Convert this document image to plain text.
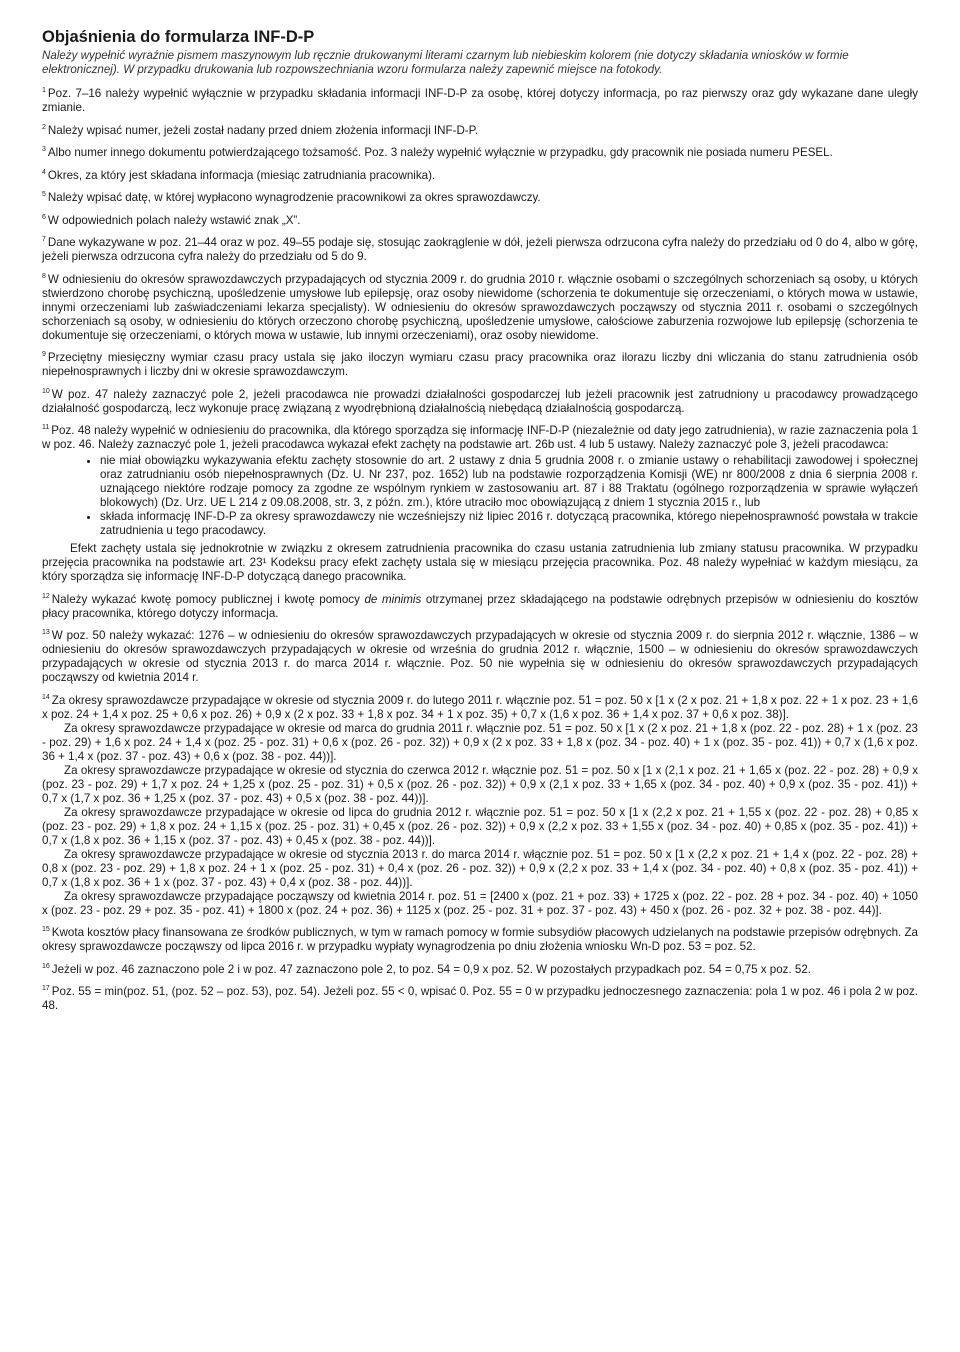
Objaśnienia do formularza INF-D-P
Należy wypełnić wyraźnie pismem maszynowym lub ręcznie drukowanymi literami czarnym lub niebieskim kolorem (nie dotyczy składania wniosków w formie elektronicznej). W przypadku drukowania lub rozpowszechniania wzoru formularza należy zapewnić miejsce na fotokody.

$^1$ Poz. 7–16 należy wypełnić wyłącznie w przypadku składania informacji INF-D-P za osobę, której dotyczy informacja, po raz pierwszy oraz gdy wykazane dane uległy zmianie.

$^2$ Należy wpisać numer, jeżeli został nadany przed dniem złożenia informacji INF-D-P.

$^3$ Albo numer innego dokumentu potwierdzającego tożsamość. Poz. 3 należy wypełnić wyłącznie w przypadku, gdy pracownik nie posiada numeru PESEL.

$^4$ Okres, za który jest składana informacja (miesiąc zatrudniania pracownika).

$^5$ Należy wpisać datę, w której wypłacono wynagrodzenie pracownikowi za okres sprawozdawczy.

$^6$ W odpowiednich polach należy wstawić znak „X”.

$^7$ Dane wykazywane w poz. 21–44 oraz w poz. 49–55 podaje się, stosując zaokrąglenie w dół, jeżeli pierwsza odrzucona cyfra należy do przedziału od 0 do 4, albo w górę, jeżeli pierwsza odrzucona cyfra należy do przedziału od 5 do 9.

$^8$ W odniesieniu do okresów sprawozdawczych przypadających od stycznia 2009 r. do grudnia 2010 r. włącznie osobami o szczególnych schorzeniach są osoby, u których stwierdzono chorobę psychiczną, upośledzenie umysłowe lub epilepsję, oraz osoby niewidome (schorzenia te dokumentuje się orzeczeniami, o których mowa w ustawie, innymi orzeczeniami lub zaświadczeniami lekarza specjalisty). W odniesieniu do okresów sprawozdawczych począwszy od stycznia 2011 r. osobami o szczególnych schorzeniach są osoby, w odniesieniu do których orzeczono chorobę psychiczną, upośledzenie umysłowe, całościowe zaburzenia rozwojowe lub epilepsję (schorzenia te dokumentuje się orzeczeniami, o których mowa w ustawie, lub innymi orzeczeniami), oraz osoby niewidome.

$^9$ Przeciętny miesięczny wymiar czasu pracy ustala się jako iloczyn wymiaru czasu pracy pracownika oraz ilorazu liczby dni wliczania do stanu zatrudnienia osób niepełnosprawnych i liczby dni w okresie sprawozdawczym.

$^{10}$ W poz. 47 należy zaznaczyć pole 2, jeżeli pracodawca nie prowadzi działalności gospodarczej lub jeżeli pracownik jest zatrudniony u pracodawcy prowadzącego działalność gospodarczą, lecz wykonuje pracę związaną z wyodrębnioną działalnością niebędącą działalnością gospodarczą.

$^{11}$ Poz. 48 należy wypełnić w odniesieniu do pracownika, dla którego sporządza się informację INF-D-P (niezależnie od daty jego zatrudnienia), w razie zaznaczenia pola 1 w poz. 46. Należy zaznaczyć pole 1, jeżeli pracodawca wykazał efekt zachęty na podstawie art. 26b ust. 4 lub 5 ustawy. Należy zaznaczyć pole 3, jeżeli pracodawca:

• nie miał obowiązku wykazywania efektu zachęty stosownie do art. 2 ustawy z dnia 5 grudnia 2008 r. o zmianie ustawy o rehabilitacji zawodowej i społecznej oraz zatrudnianiu osób niepełnosprawnych (Dz. U. Nr 237, poz. 1652) lub na podstawie rozporządzenia Komisji (WE) nr 800/2008 z dnia 6 sierpnia 2008 r. uznającego niektóre rodzaje pomocy za zgodne ze wspólnym rynkiem w zastosowaniu art. 87 i 88 Traktatu (ogólnego rozporządzenia w sprawie wyłączeń blokowych) (Dz. Urz. UE L 214 z 09.08.2008, str. 3, z późn. zm.), które utraciło moc obowiązującą z dniem 1 stycznia 2015 r., lub
• składa informację INF-D-P za okresy sprawozdawczy nie wcześniejszy niż lipiec 2016 r. dotyczącą pracownika, którego niepełnosprawność powstała w trakcie zatrudnienia u tego pracodawcy.

Efekt zachęty ustala się jednokrotnie w związku z okresem zatrudnienia pracownika do czasu ustania zatrudnienia lub zmiany statusu pracownika. W przypadku przejęcia pracownika na podstawie art. 23¹ Kodeksu pracy efekt zachęty ustala się w miesiącu przejęcia pracownika. Poz. 48 należy wypełniać w każdym miesiącu, za który sporządza się informację INF-D-P dotyczącą danego pracownika.

$^{12}$ Należy wykazać kwotę pomocy publicznej i kwotę pomocy de minimis otrzymanej przez składającego na podstawie odrębnych przepisów w odniesieniu do kosztów płacy pracownika, którego dotyczy informacja.

$^{13}$ W poz. 50 należy wykazać: 1276 – w odniesieniu do okresów sprawozdawczych przypadających w okresie od stycznia 2009 r. do sierpnia 2012 r. włącznie, 1386 – w odniesieniu do okresów sprawozdawczych przypadających w okresie od września do grudnia 2012 r. włącznie, 1500 – w odniesieniu do okresów sprawozdawczych przypadających w okresie od stycznia 2013 r. do marca 2014 r. włącznie. Poz. 50 nie wypełnia się w odniesieniu do okresów sprawozdawczych przypadających począwszy od kwietnia 2014 r.

$^{14}$ Za okresy sprawozdawcze przypadające w okresie od stycznia 2009 r. do lutego 2011 r. włącznie poz. 51 = poz. 50 x [1 x (2 x poz. 21 + 1,8 x poz. 22 + 1 x poz. 23 + 1,6 x poz. 24 + 1,4 x poz. 25 + 0,6 x poz. 26) + 0,9 x (2 x poz. 33 + 1,8 x poz. 34 + 1 x poz. 35) + 0,7 x (1,6 x poz. 36 + 1,4 x poz. 37 + 0,6 x poz. 38)].

Za okresy sprawozdawcze przypadające w okresie od marca do grudnia 2011 r. włącznie poz. 51 = poz. 50 x [1 x (2 x poz. 21 + 1,8 x (poz. 22 - poz. 28) + 1 x (poz. 23 - poz. 29) + 1,6 x poz. 24 + 1,4 x (poz. 25 - poz. 31) + 0,6 x (poz. 26 - poz. 32)) + 0,9 x (2 x poz. 33 + 1,8 x (poz. 34 - poz. 40) + 1 x (poz. 35 - poz. 41)) + 0,7 x (1,6 x poz. 36 + 1,4 x (poz. 37 - poz. 43) + 0,6 x (poz. 38 - poz. 44))].

Za okresy sprawozdawcze przypadające w okresie od stycznia do czerwca 2012 r. włącznie poz. 51 = poz. 50 x [1 x (2,1 x poz. 21 + 1,65 x (poz. 22 - poz. 28) + 0,9 x (poz. 23 - poz. 29) + 1,7 x poz. 24 + 1,25 x (poz. 25 - poz. 31) + 0,5 x (poz. 26 - poz. 32)) + 0,9 x (2,1 x poz. 33 + 1,65 x (poz. 34 - poz. 40) + 0,9 x (poz. 35 - poz. 41)) + 0,7 x (1,7 x poz. 36 + 1,25 x (poz. 37 - poz. 43) + 0,5 x (poz. 38 - poz. 44))].

Za okresy sprawozdawcze przypadające w okresie od lipca do grudnia 2012 r. włącznie poz. 51 = poz. 50 x [1 x (2,2 x poz. 21 + 1,55 x (poz. 22 - poz. 28) + 0,85 x (poz. 23 - poz. 29) + 1,8 x poz. 24 + 1,15 x (poz. 25 - poz. 31) + 0,45 x (poz. 26 - poz. 32)) + 0,9 x (2,2 x poz. 33 + 1,55 x (poz. 34 - poz. 40) + 0,85 x (poz. 35 - poz. 41)) + 0,7 x (1,8 x poz. 36 + 1,15 x (poz. 37 - poz. 43) + 0,45 x (poz. 38 - poz. 44))].

Za okresy sprawozdawcze przypadające w okresie od stycznia 2013 r. do marca 2014 r. włącznie poz. 51 = poz. 50 x [1 x (2,2 x poz. 21 + 1,4 x (poz. 22 - poz. 28) + 0,8 x (poz. 23 - poz. 29) + 1,8 x poz. 24 + 1 x (poz. 25 - poz. 31) + 0,4 x (poz. 26 - poz. 32)) + 0,9 x (2,2 x poz. 33 + 1,4 x (poz. 34 - poz. 40) + 0,8 x (poz. 35 - poz. 41)) + 0,7 x (1,8 x poz. 36 + 1 x (poz. 37 - poz. 43) + 0,4 x (poz. 38 - poz. 44))].

Za okresy sprawozdawcze przypadające począwszy od kwietnia 2014 r. poz. 51 = [2400 x (poz. 21 + poz. 33) + 1725 x (poz. 22 - poz. 28 + poz. 34 - poz. 40) + 1050 x (poz. 23 - poz. 29 + poz. 35 - poz. 41) + 1800 x (poz. 24 + poz. 36) + 1125 x (poz. 25 - poz. 31 + poz. 37 - poz. 43) + 450 x (poz. 26 - poz. 32 + poz. 38 - poz. 44)].

$^{15}$ Kwota kosztów płacy finansowana ze środków publicznych, w tym w ramach pomocy w formie subsydiów płacowych udzielanych na podstawie przepisów odrębnych. Za okresy sprawozdawcze począwszy od lipca 2016 r. w przypadku wypłaty wynagrodzenia po dniu złożenia wniosku Wn-D poz. 53 = poz. 52.

$^{16}$ Jeżeli w poz. 46 zaznaczono pole 2 i w poz. 47 zaznaczono pole 2, to poz. 54 = 0,9 x poz. 52. W pozostałych przypadkach poz. 54 = 0,75 x poz. 52.

$^{17}$ Poz. 55 = min(poz. 51, (poz. 52 – poz. 53), poz. 54). Jeżeli poz. 55 < 0, wpisać 0. Poz. 55 = 0 w przypadku jednoczesnego zaznaczenia: pola 1 w poz. 46 i pola 2 w poz. 48.
